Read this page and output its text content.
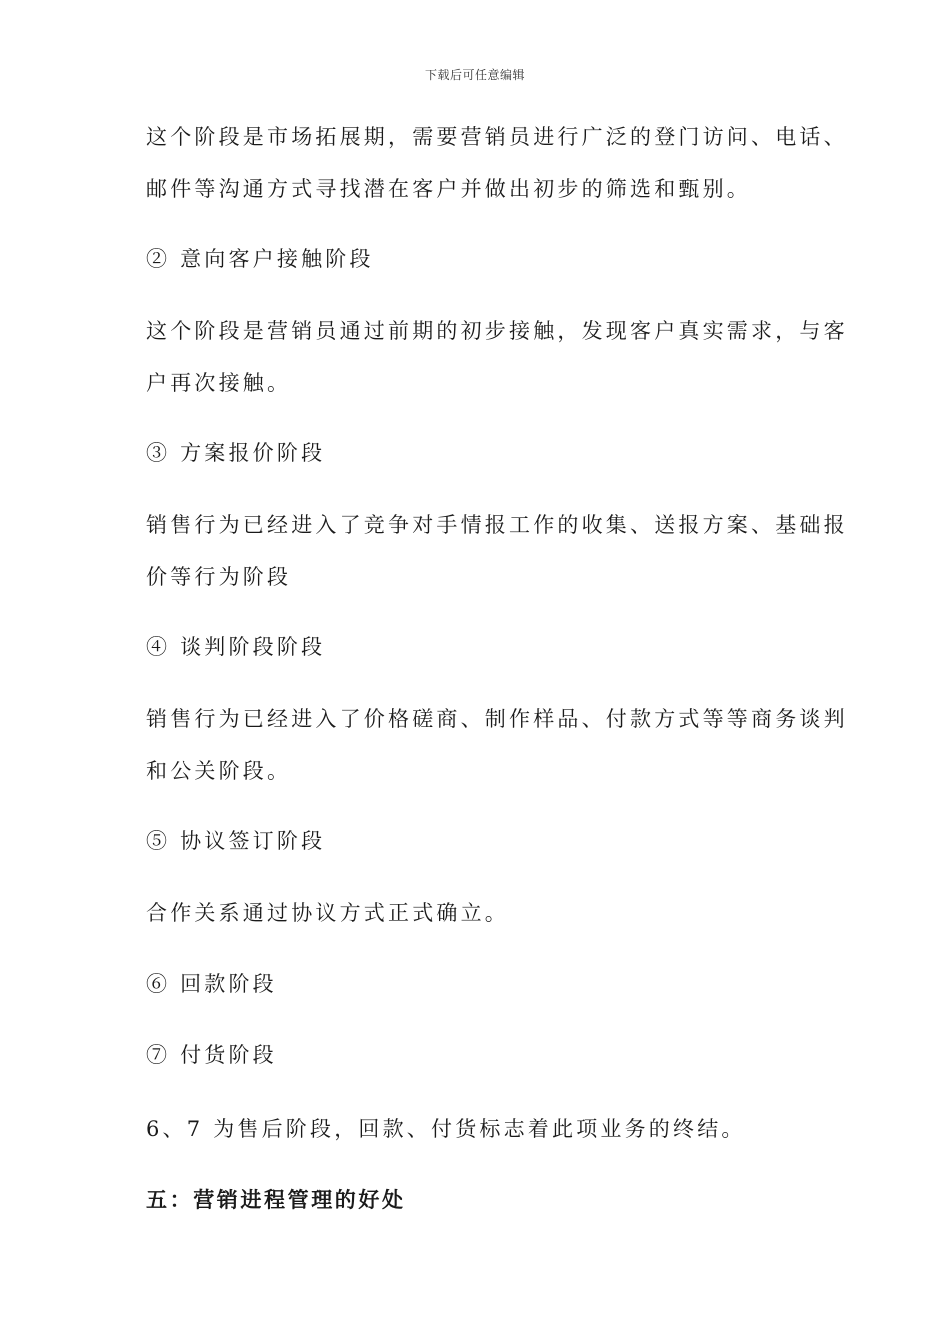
下载后可任意编辑
这个阶段是市场拓展期，需要营销员进行广泛的登门访问、电话、
邮件等沟通方式寻找潜在客户并做出初步的筛选和甄别。
② 意向客户接触阶段
这个阶段是营销员通过前期的初步接触，发现客户真实需求，与客
户再次接触。
③ 方案报价阶段
销售行为已经进入了竞争对手情报工作的收集、送报方案、基础报
价等行为阶段
④ 谈判阶段阶段
销售行为已经进入了价格磋商、制作样品、付款方式等等商务谈判
和公关阶段。
⑤ 协议签订阶段
合作关系通过协议方式正式确立。
⑥ 回款阶段
⑦ 付货阶段
6、7 为售后阶段，回款、付货标志着此项业务的终结。
五：营销进程管理的好处
